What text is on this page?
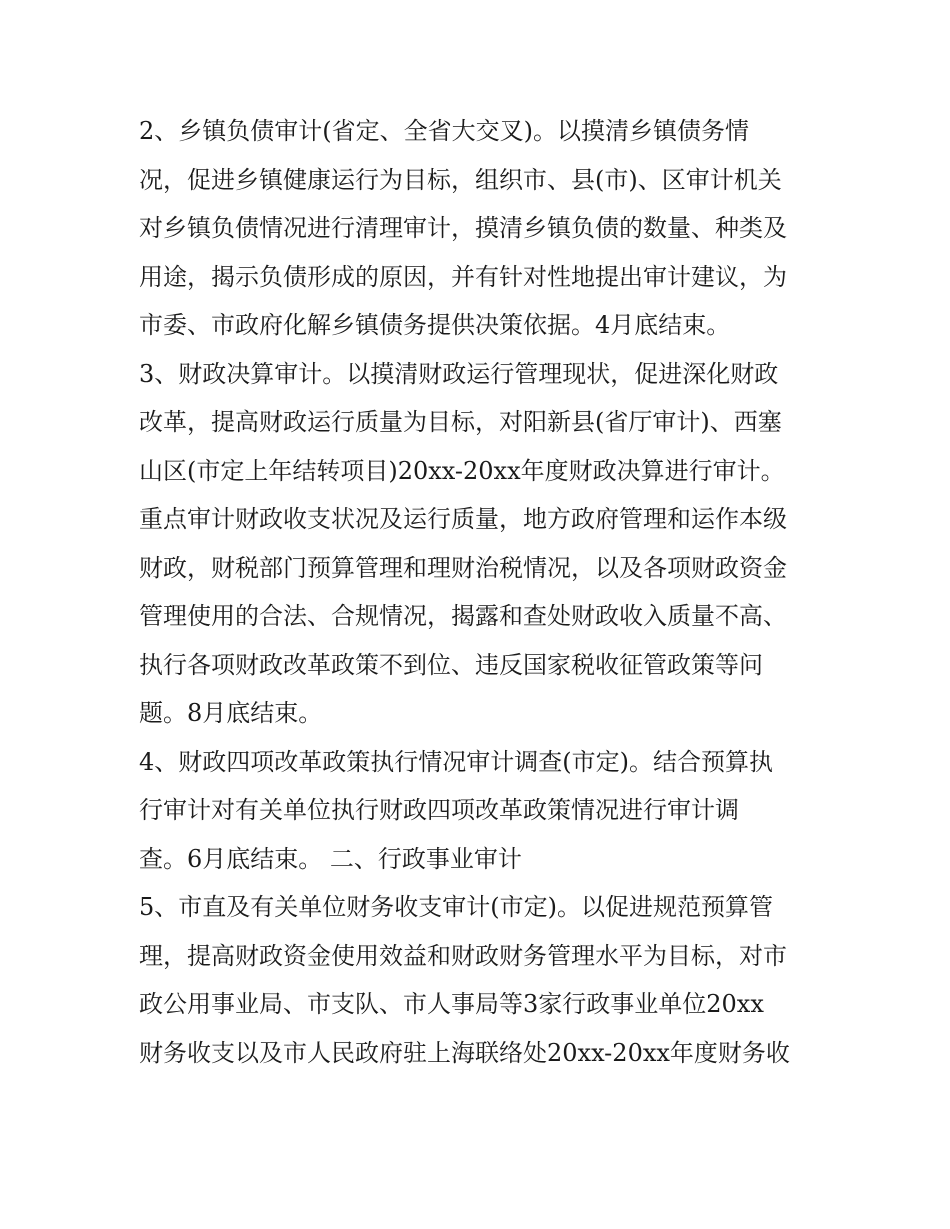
2、乡镇负债审计(省定、全省大交叉)。以摸清乡镇债务情
况，促进乡镇健康运行为目标，组织市、县(市)、区审计机关
对乡镇负债情况进行清理审计，摸清乡镇负债的数量、种类及
用途，揭示负债形成的原因，并有针对性地提出审计建议，为
市委、市政府化解乡镇债务提供决策依据。4月底结束。
3、财政决算审计。以摸清财政运行管理现状，促进深化财政
改革，提高财政运行质量为目标，对阳新县(省厅审计)、西塞
山区(市定上年结转项目)20xx-20xx年度财政决算进行审计。
重点审计财政收支状况及运行质量，地方政府管理和运作本级
财政，财税部门预算管理和理财治税情况，以及各项财政资金
管理使用的合法、合规情况，揭露和查处财政收入质量不高、
执行各项财政改革政策不到位、违反国家税收征管政策等问
题。8月底结束。
4、财政四项改革政策执行情况审计调查(市定)。结合预算执
行审计对有关单位执行财政四项改革政策情况进行审计调
查。6月底结束。 二、行政事业审计
5、市直及有关单位财务收支审计(市定)。以促进规范预算管
理，提高财政资金使用效益和财政财务管理水平为目标，对市
政公用事业局、市支队、市人事局等3家行政事业单位20xx
财务收支以及市人民政府驻上海联络处20xx-20xx年度财务收
